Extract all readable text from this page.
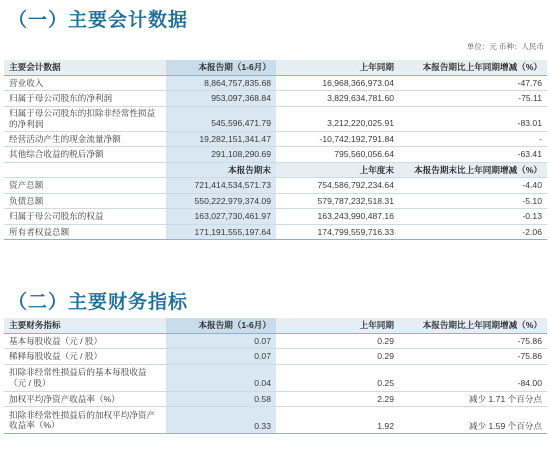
（一）主要会计数据
单位：元 币种：人民币
主要会计数据	本报告期（1-6月）	上年同期	本报告期比上年同期增减（%）
营业收入	8,864,757,835.68	16,968,366,973.04	-47.76
归属于母公司股东的净利润	953,097,368.84	3,829,634,781.60	-75.11
归属于母公司股东的扣除非经常性损益的净利润	545,596,471.79	3,212,220,025.91	-83.01
经营活动产生的现金流量净额	19,282,151,341.47	-10,742,192,791.84	-
其他综合收益的税后净额	291,108,290.69	795,560,056.64	-63.41
	本报告期末	上年度末	本报告期末比上年同期增减（%）
资产总额	721,414,534,571.73	754,586,792,234.64	-4.40
负债总额	550,222,979,374.09	579,787,232,518.31	-5.10
归属于母公司股东的权益	163,027,730,461.97	163,243,990,487.16	-0.13
所有者权益总额	171,191,555,197.64	174,799,559,716.33	-2.06
（二）主要财务指标
主要财务指标	本报告期（1-6月）	上年同期	本报告期比上年同期增减（%）
基本每股收益（元 / 股）	0.07	0.29	-75.86
稀释每股收益（元 / 股）	0.07	0.29	-75.86
扣除非经常性损益后的基本每股收益（元 / 股）	0.04	0.25	-84.00
加权平均净资产收益率（%）	0.58	2.29	减少 1.71 个百分点
扣除非经常性损益后的加权平均净资产收益率（%）	0.33	1.92	减少 1.59 个百分点
